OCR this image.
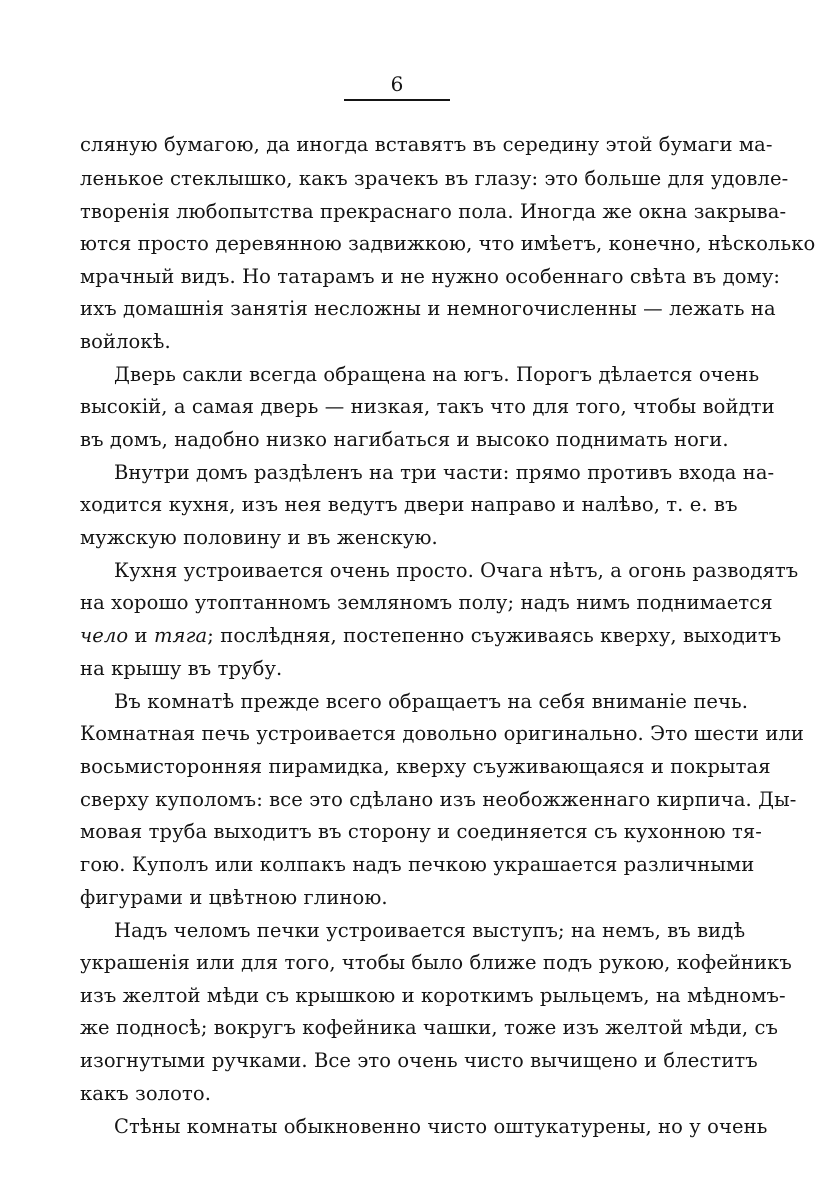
6
сляную бумагою, да иногда вставятъ въ середину этой бумаги ма-
ленькое стеклышко, какъ зрачекъ въ глазу: это больше для удовле-
творенія любопытства прекраснаго пола. Иногда же окна закрыва-
ются просто деревянною задвижкою, что имѣетъ, конечно, нѣсколько
мрачный видъ. Но татарамъ и не нужно особеннаго свѣта въ дому:
ихъ домашнія занятія несложны и немногочисленны — лежать на
войлокѣ.
Дверь сакли всегда обращена на югъ. Порогъ дѣлается очень
высокій, а самая дверь — низкая, такъ что для того, чтобы войдти
въ домъ, надобно низко нагибаться и высоко поднимать ноги.
Внутри домъ раздѣленъ на три части: прямо противъ входа на-
ходится кухня, изъ нея ведутъ двери направо и налѣво, т. е. въ
мужскую половину и въ женскую.
Кухня устроивается очень просто. Очага нѣтъ, а огонь разводятъ
на хорошо утоптанномъ земляномъ полу; надъ нимъ поднимается
чело и тяга; послѣдняя, постепенно съуживаясь кверху, выходитъ
на крышу въ трубу.
Въ комнатѣ прежде всего обращаетъ на себя вниманіе печь.
Комнатная печь устроивается довольно оригинально. Это шести или
восьмисторонняя пирамидка, кверху съуживающаяся и покрытая
сверху куполомъ: все это сдѣлано изъ необожженнаго кирпича. Ды-
мовая труба выходитъ въ сторону и соединяется съ кухонною тя-
гою. Куполъ или колпакъ надъ печкою украшается различными
фигурами и цвѣтною глиною.
Надъ челомъ печки устроивается выступъ; на немъ, въ видѣ
украшенія или для того, чтобы было ближе подъ рукою, кофейникъ
изъ желтой мѣди съ крышкою и короткимъ рыльцемъ, на мѣдномъ-
же подносѣ; вокругъ кофейника чашки, тоже изъ желтой мѣди, съ
изогнутыми ручками. Все это очень чисто вычищено и блеститъ
какъ золото.
Стѣны комнаты обыкновенно чисто оштукатурены, но у очень
